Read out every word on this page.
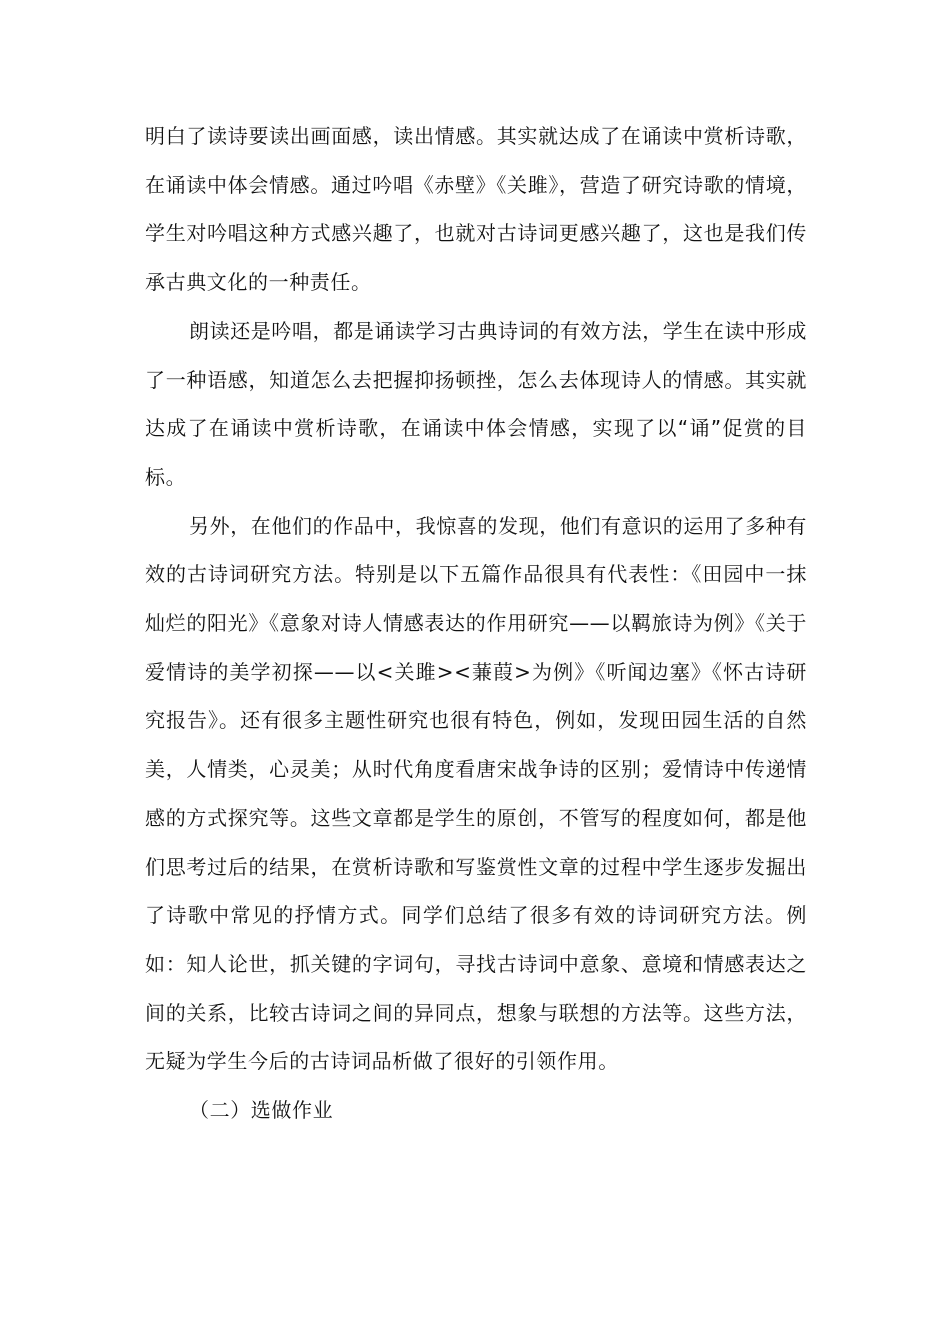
明白了读诗要读出画面感，读出情感。其实就达成了在诵读中赏析诗歌，在诵读中体会情感。通过吟唱《赤壁》《关雎》，营造了研究诗歌的情境，学生对吟唱这种方式感兴趣了，也就对古诗词更感兴趣了，这也是我们传承古典文化的一种责任。

朗读还是吟唱，都是诵读学习古典诗词的有效方法，学生在读中形成了一种语感，知道怎么去把握抑扬顿挫，怎么去体现诗人的情感。其实就达成了在诵读中赏析诗歌，在诵读中体会情感，实现了以“诵”促赏的目标。

另外，在他们的作品中，我惊喜的发现，他们有意识的运用了多种有效的古诗词研究方法。特别是以下五篇作品很具有代表性：《田园中一抹灿烂的阳光》《意象对诗人情感表达的作用研究——以羁旅诗为例》《关于爱情诗的美学初探——以<关雎><蒹葭>为例》《听闻边塞》《怀古诗研究报告》。还有很多主题性研究也很有特色，例如，发现田园生活的自然美，人情类，心灵美；从时代角度看唐宋战争诗的区别；爱情诗中传递情感的方式探究等。这些文章都是学生的原创，不管写的程度如何，都是他们思考过后的结果，在赏析诗歌和写鉴赏性文章的过程中学生逐步发掘出了诗歌中常见的抒情方式。同学们总结了很多有效的诗词研究方法。例如：知人论世，抓关键的字词句，寻找古诗词中意象、意境和情感表达之间的关系，比较古诗词之间的异同点，想象与联想的方法等。这些方法，无疑为学生今后的古诗词品析做了很好的引领作用。

（二）选做作业
